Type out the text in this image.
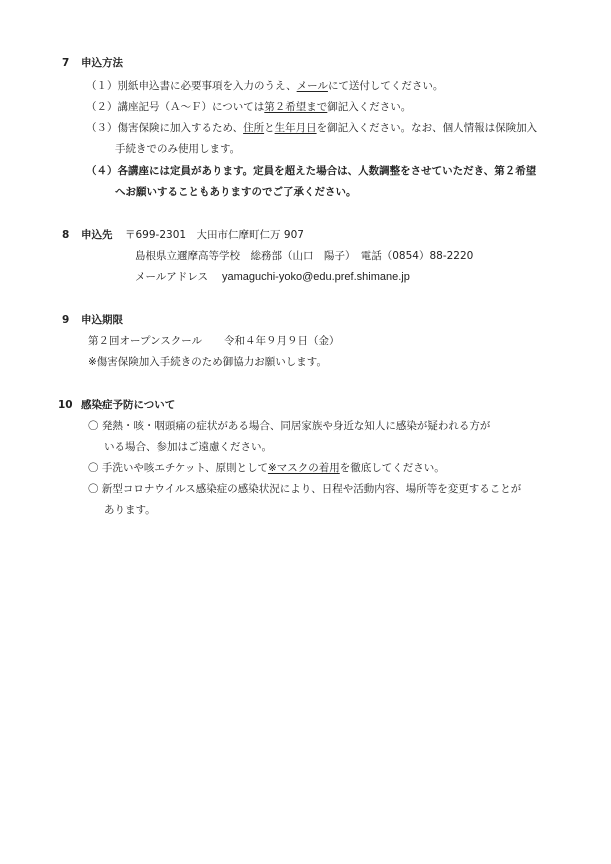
7 申込方法
（１）別紙申込書に必要事項を入力のうえ、メールにて送付してください。
（２）講座記号（Ａ～Ｆ）については第２希望まで御記入ください。
（３）傷害保険に加入するため、住所と生年月日を御記入ください。なお、個人情報は保険加入
手続きでのみ使用します。
（４）各講座には定員があります。定員を超えた場合は、人数調整をさせていただき、第２希望
へお願いすることもありますのでご了承ください。
8 申込先 〒699-2301　大田市仁摩町仁万 907
島根県立邇摩高等学校　総務部（山口　陽子）　電話（0854）88-2220
メールアドレス yamaguchi-yoko@edu.pref.shimane.jp
9 申込期限
第２回オープンスクール 令和４年９月９日（金）
※傷害保険加入手続きのため御協力お願いします。
10 感染症予防について
〇 発熱・咳・咽頭痛の症状がある場合、同居家族や身近な知人に感染が疑われる方が
いる場合、参加はご遠慮ください。
〇 手洗いや咳エチケット、原則として※マスクの着用を徹底してください。
〇 新型コロナウイルス感染症の感染状況により、日程や活動内容、場所等を変更することが
あります。
